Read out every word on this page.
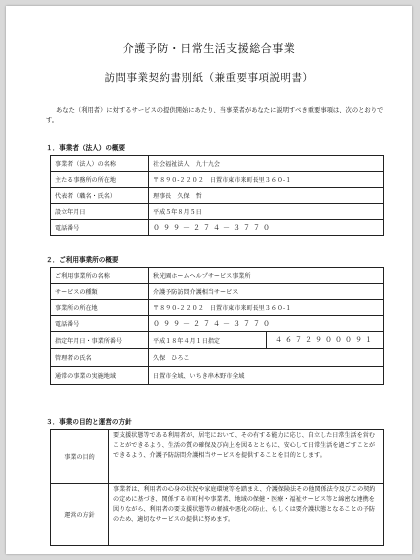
介護予防・日常生活支援総合事業
訪問事業契約書別紙（兼重要事項説明書）
あなた（利用者）に対するサービスの提供開始にあたり、当事業者があなたに説明すべき重要事項は、次のとおりです。
１．事業者（法人）の概要
事業者（法人）の名称	社会福祉法人　九十九会
主たる事務所の所在地	〒８９０-２２０２　日置市東市来町長里３６０-１
代表者（職名・氏名）	理事長　久保　哲
設立年月日	平成５年８月５日
電話番号	０９９－２７４－３７７０
２．ご利用事業所の概要
ご利用事業所の名称	秋光園ホームヘルプサービス事業所	
サービスの種類	介護予防訪問介護相当サービス	
事業所の所在地	〒８９０-２２０２　日置市東市来町長里３６０-１	
電話番号	０９９－２７４－３７７０	
指定年月日・事業所番号	平成１８年４月１日指定	４６７２９０００９１
管理者の氏名	久保　ひろこ	
通常の事業の実施地域	日置市全域、いちき串木野市全域	
３．事業の目的と運営の方針
事業の目的	要支援状態等である利用者が、居宅において、その有する能力に応じ、自立した日常生活を営むことができるよう、生活の質の確保及び向上を図るとともに、安心して日常生活を過ごすことができるよう、介護予防訪問介護相当サービスを提供することを目的とします。
運営の方針	事業者は、利用者の心身の状況や家庭環境等を踏まえ、介護保険法その他関係法令及びこの契約の定めに基づき、関係する市町村や事業者、地域の保健・医療・福祉サービス等と綿密な連携を図りながら、利用者の要支援状態等の軽減や悪化の防止、もしくは要介護状態となることの予防のため、適切なサービスの提供に努めます。
